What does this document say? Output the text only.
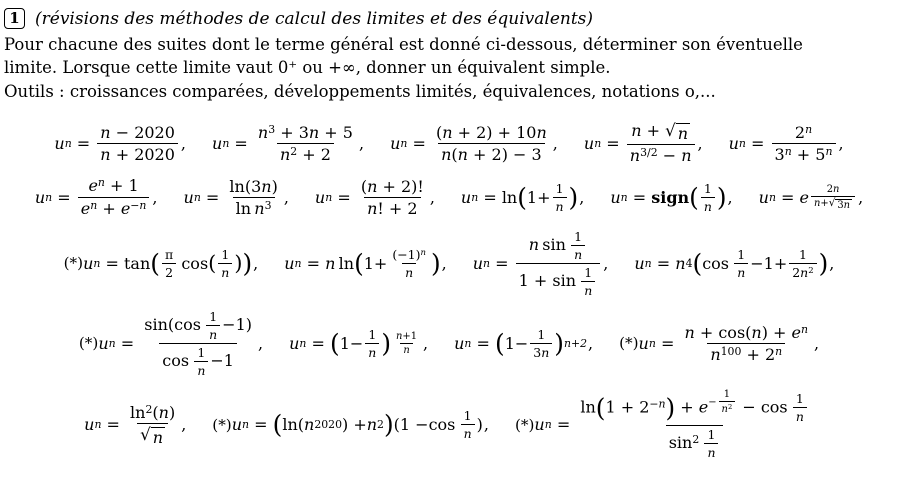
1 (révisions des méthodes de calcul des limites et des équivalents)
Pour chacune des suites dont le terme général est donné ci-dessous, déterminer son éventuelle
limite. Lorsque cette limite vaut 0⁺ ou +∞, donner un équivalent simple.
Outils : croissances comparées, développements limités, équivalences, notations o,...
u $n = \frac{n - 2020}{n + 2020}$ , u $n = \frac{n^3 + 3n + 5}{n^2 + 2}$ , u $n = \frac{(n + 2) + 10n}{n(n + 2) - 3}$ , u $n = \frac{n + √ n}{n^{3/2} - n}$ , u $n = \frac{2^n}{3^n + 5^n}$ ,
u $n = \frac{e^n + 1}{e^n + e^{-n}}$ , u $n = \frac{\ln(3n)}{\ln n^3}$ , u $n = \frac{(n + 2)!}{n! + 2}$ , u n = ln ( $1+ \frac{1}{n}$ ) , u n = sign ( $\frac{1}{n}$ ) , u n = e $\frac{2n}{n+ √ 3n}$ ,
(*) u n = tan ( $\frac{\pi}{2}$
  cos ( $\frac{1}{n}$ ) ) , u n = n
  ln ( $1+ \frac{(-1)^n}{n}$ ) , u $n = \frac{n \sin \frac{1}{n}}{1 + \sin \frac{1}{n}}$ , u n = n 4 ( cos
  $\frac{1}{n} -1+ \frac{1}{2n^2}$ ) ,
(*) u $n = \frac{\sin(\cos \frac{1}{n} -1)}{\cos \frac{1}{n} -1}$ , u n = ( $1- \frac{1}{n}$ ) $\frac{n+1}{n}$ , u n = ( $1- \frac{1}{3n}$ ) n+2 , (*) u $n = \frac{n + \cos(n) + e^n}{n^{100} + 2^n}$ ,
u $n = \frac{\ln^2(n)}{√ n}$ , (*) u n = ( ln ( n 2020 ) + n 2 ) (1 − cos
  $\frac{1}{n}$ ) , (*) u $n = \ln(1 + 2^{-n}) + e^{- \frac{1}{n^2}} - \cos \frac{1}{n}$
$\sin^2 \frac{1}{n}$
